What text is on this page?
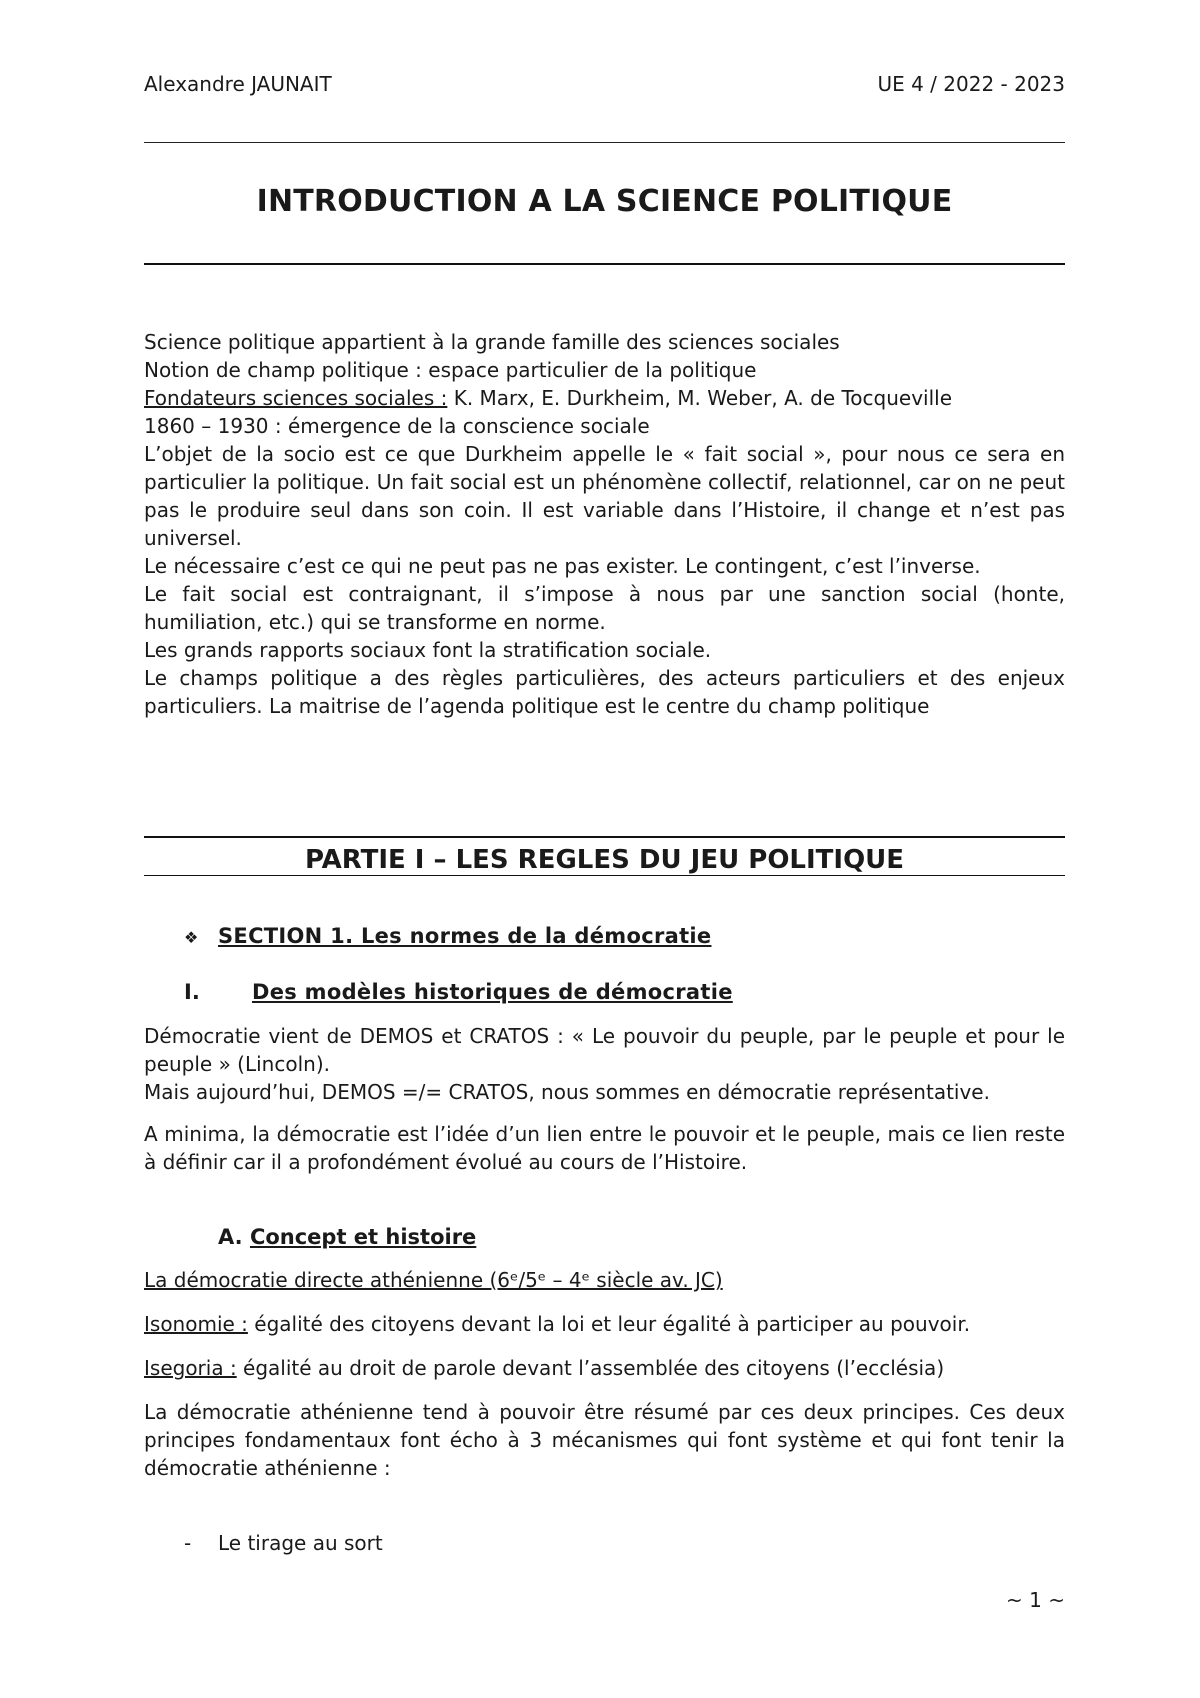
Alexandre JAUNAIT	UE 4 / 2022 - 2023
INTRODUCTION A LA SCIENCE POLITIQUE

Science politique appartient à la grande famille des sciences sociales

Notion de champ politique : espace particulier de la politique

Fondateurs sciences sociales : K. Marx, E. Durkheim, M. Weber, A. de Tocqueville

1860 – 1930 : émergence de la conscience sociale

L’objet de la socio est ce que Durkheim appelle le « fait social », pour nous ce sera en particulier la politique. Un fait social est un phénomène collectif, relationnel, car on ne peut pas le produire seul dans son coin. Il est variable dans l’Histoire, il change et n’est pas universel.

Le nécessaire c’est ce qui ne peut pas ne pas exister. Le contingent, c’est l’inverse.

Le fait social est contraignant, il s’impose à nous par une sanction social (honte, humiliation, etc.) qui se transforme en norme.

Les grands rapports sociaux font la stratification sociale.

Le champs politique a des règles particulières, des acteurs particuliers et des enjeux particuliers. La maitrise de l’agenda politique est le centre du champ politique

PARTIE I – LES REGLES DU JEU POLITIQUE
❖ SECTION 1. Les normes de la démocratie
I. Des modèles historiques de démocratie

Démocratie vient de DEMOS et CRATOS : « Le pouvoir du peuple, par le peuple et pour le peuple » (Lincoln).

Mais aujourd’hui, DEMOS =/= CRATOS, nous sommes en démocratie représentative.

A minima, la démocratie est l’idée d’un lien entre le pouvoir et le peuple, mais ce lien reste à définir car il a profondément évolué au cours de l’Histoire.

A. Concept et histoire

La démocratie directe athénienne (6ᵉ/5ᵉ – 4ᵉ siècle av. JC)

Isonomie : égalité des citoyens devant la loi et leur égalité à participer au pouvoir.

Isegoria : égalité au droit de parole devant l’assemblée des citoyens (l’ecclésia)

La démocratie athénienne tend à pouvoir être résumé par ces deux principes. Ces deux principes fondamentaux font écho à 3 mécanismes qui font système et qui font tenir la démocratie athénienne :

- Le tirage au sort
~ 1 ~
